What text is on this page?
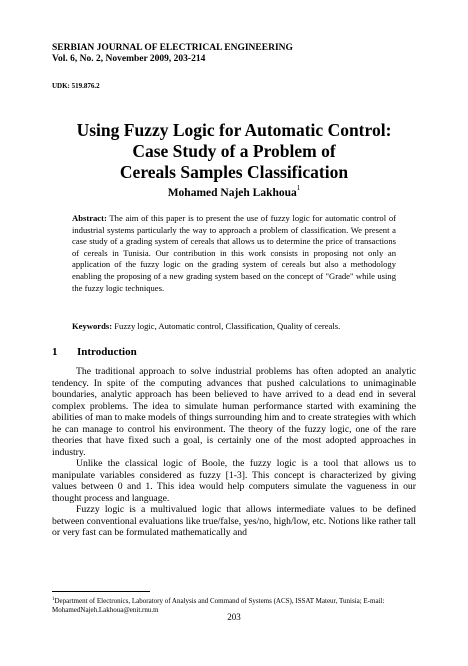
SERBIAN JOURNAL OF ELECTRICAL ENGINEERING
Vol. 6, No. 2, November 2009, 203-214
UDK: 519.876.2
Using Fuzzy Logic for Automatic Control:
Case Study of a Problem of
Cereals Samples Classification
Mohamed Najeh Lakhoua$^1$
Abstract: The aim of this paper is to present the use of fuzzy logic for automatic control of industrial systems particularly the way to approach a problem of classification. We present a case study of a grading system of cereals that allows us to determine the price of transactions of cereals in Tunisia. Our contribution in this work consists in proposing not only an application of the fuzzy logic on the grading system of cereals but also a methodology enabling the proposing of a new grading system based on the concept of "Grade" while using the fuzzy logic techniques.
Keywords: Fuzzy logic, Automatic control, Classification, Quality of cereals.
1 Introduction

The traditional approach to solve industrial problems has often adopted an analytic tendency. In spite of the computing advances that pushed calculations to unimaginable boundaries, analytic approach has been believed to have arrived to a dead end in several complex problems. The idea to simulate human performance started with examining the abilities of man to make models of things surrounding him and to create strategies with which he can manage to control his environment. The theory of the fuzzy logic, one of the rare theories that have fixed such a goal, is certainly one of the most adopted approaches in industry.

Unlike the classical logic of Boole, the fuzzy logic is a tool that allows us to manipulate variables considered as fuzzy [1-3]. This concept is characterized by giving values between 0 and 1. This idea would help computers simulate the vagueness in our thought process and language.

Fuzzy logic is a multivalued logic that allows intermediate values to be defined between conventional evaluations like true/false, yes/no, high/low, etc. Notions like rather tall or very fast can be formulated mathematically and

$^1$Department of Electronics, Laboratory of Analysis and Command of Systems (ACS), ISSAT Mateur, Tunisia; E-mail: MohamedNajeh.Lakhoua@enit.rnu.tn
203
